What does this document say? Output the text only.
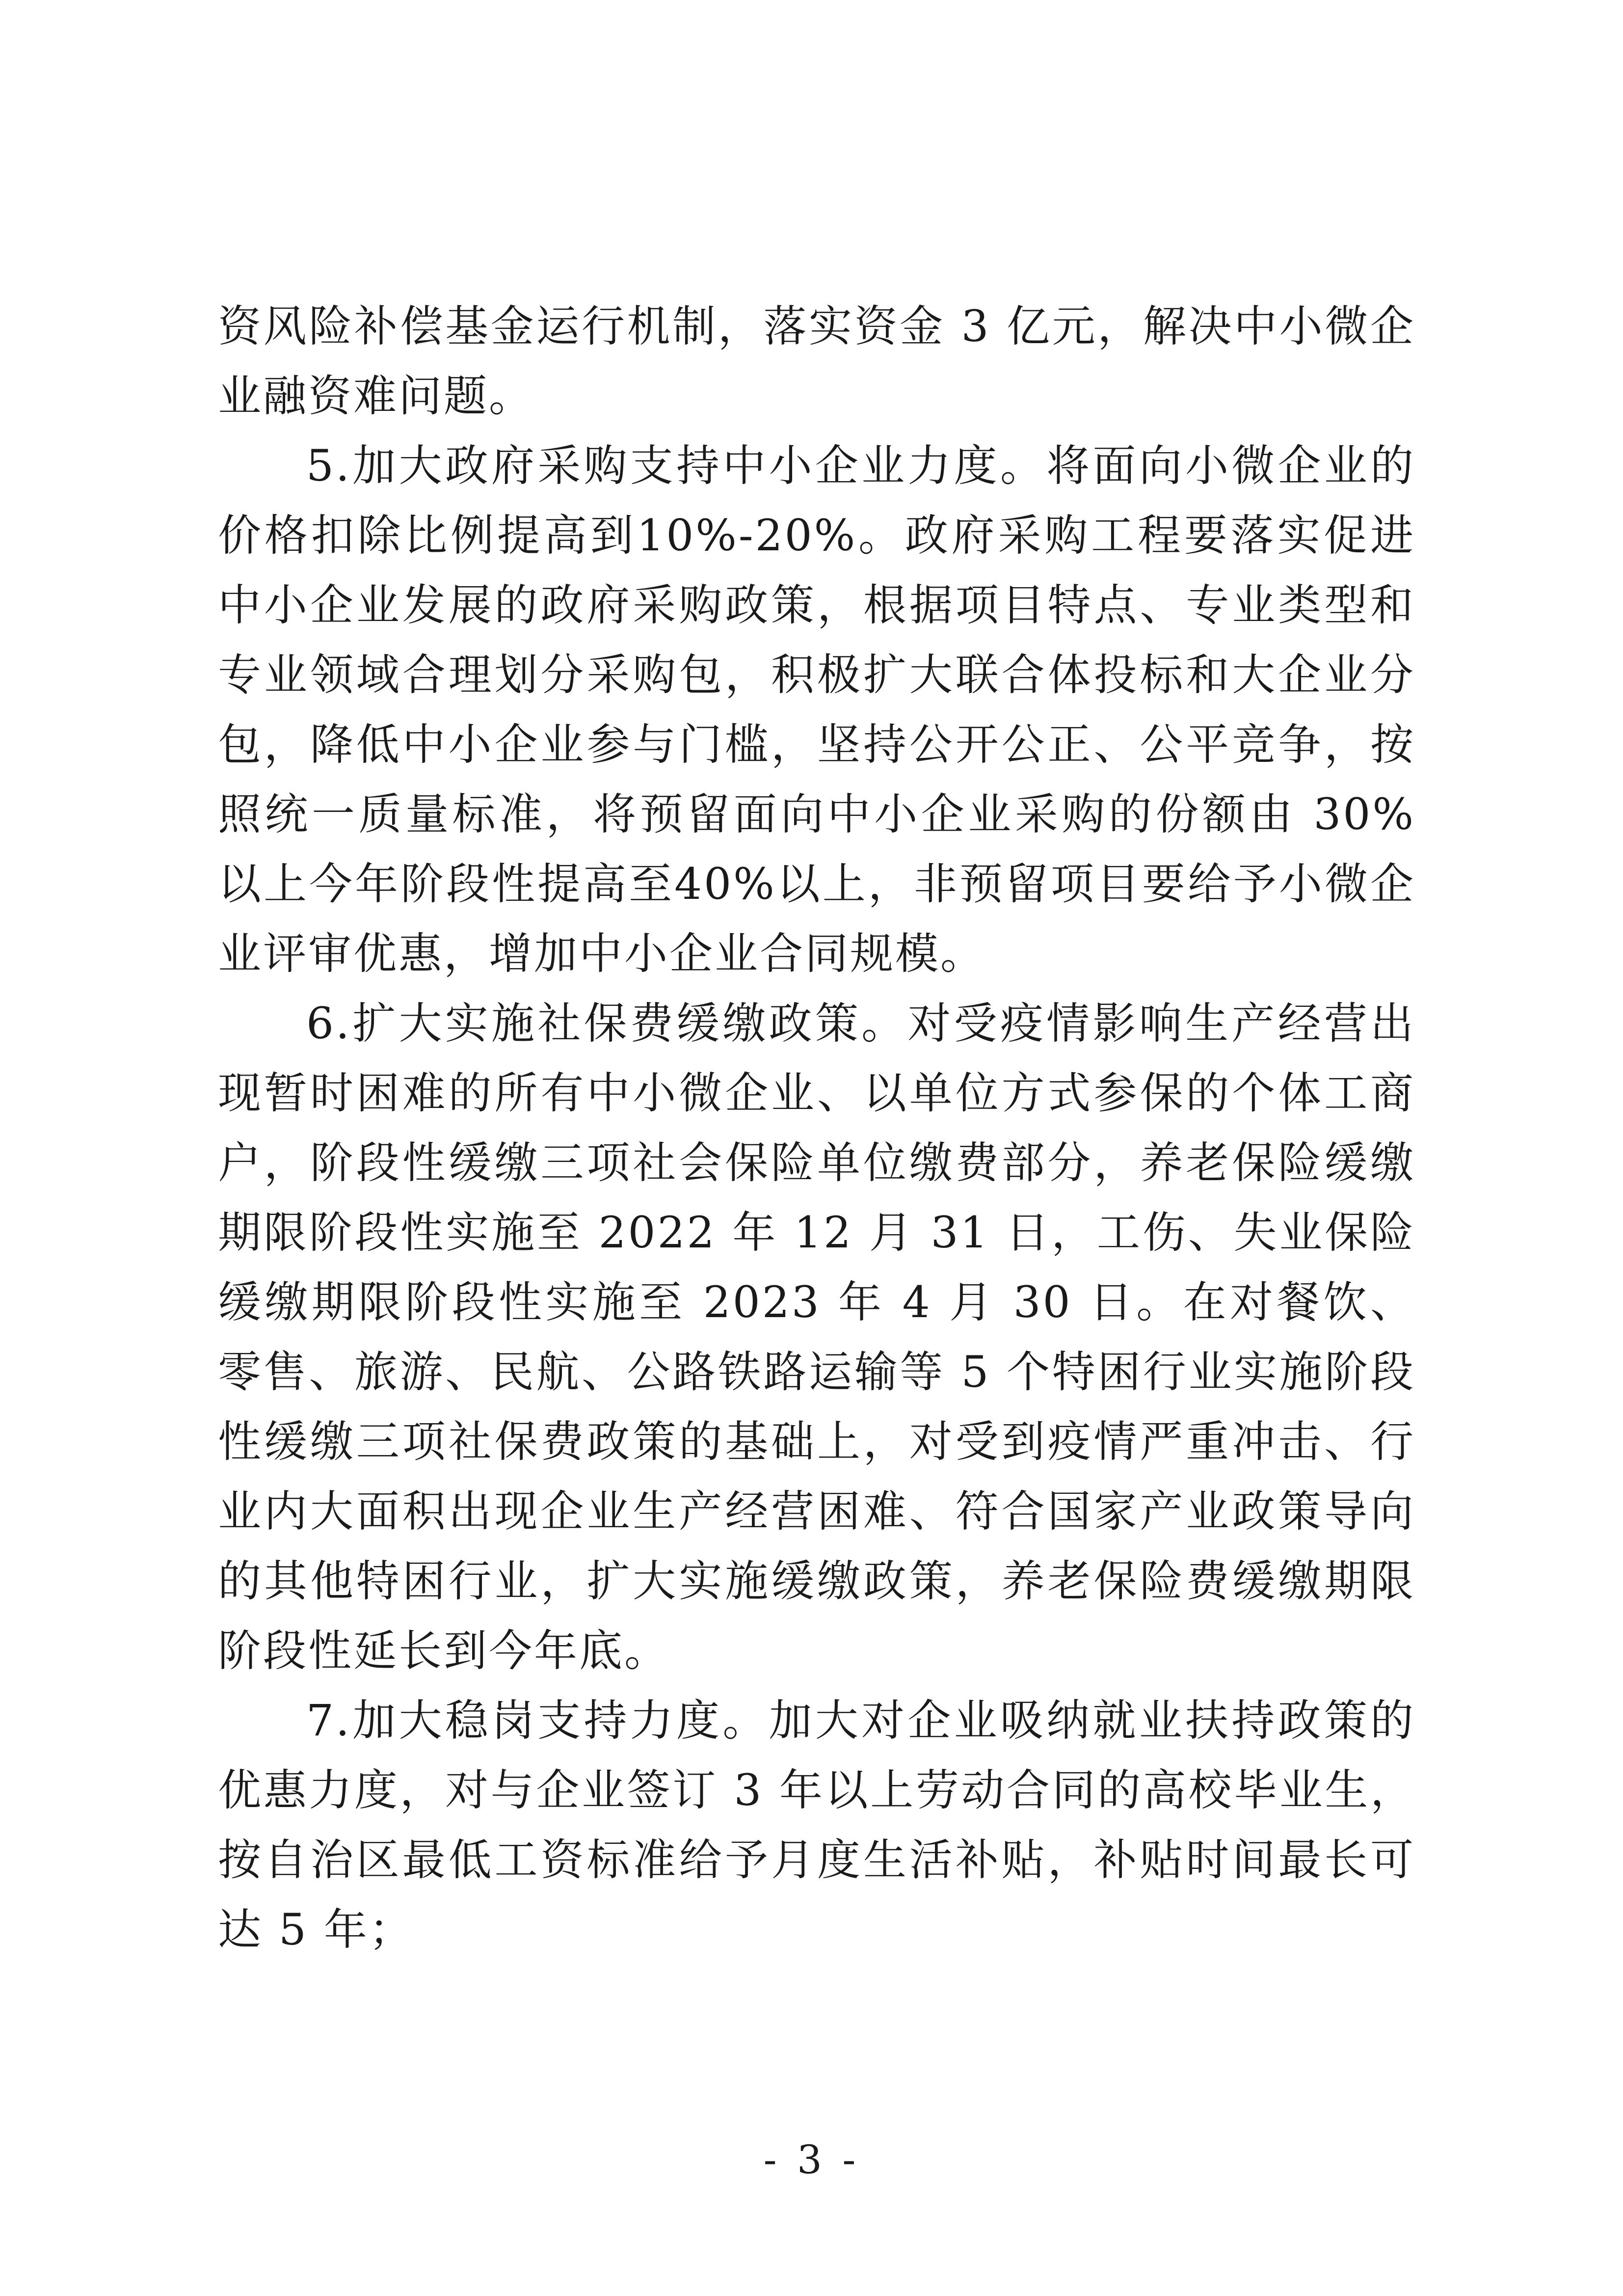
资风险补偿基金运行机制，落实资金 3 亿元，解决中小微企业融资难问题。

5.加大政府采购支持中小企业力度。将面向小微企业的价格扣除比例提高到10%-20%。政府采购工程要落实促进中小企业发展的政府采购政策，根据项目特点、专业类型和专业领域合理划分采购包，积极扩大联合体投标和大企业分包，降低中小企业参与门槛，坚持公开公正、公平竞争，按照统一质量标准，将预留面向中小企业采购的份额由 30%以上今年阶段性提高至40%以上，非预留项目要给予小微企业评审优惠，增加中小企业合同规模。

6.扩大实施社保费缓缴政策。对受疫情影响生产经营出现暂时困难的所有中小微企业、以单位方式参保的个体工商户，阶段性缓缴三项社会保险单位缴费部分，养老保险缓缴期限阶段性实施至 2022 年 12 月 31 日，工伤、失业保险缓缴期限阶段性实施至 2023 年 4 月 30 日。在对餐饮、零售、旅游、民航、公路铁路运输等 5 个特困行业实施阶段性缓缴三项社保费政策的基础上，对受到疫情严重冲击、行业内大面积出现企业生产经营困难、符合国家产业政策导向的其他特困行业，扩大实施缓缴政策，养老保险费缓缴期限阶段性延长到今年底。

7.加大稳岗支持力度。加大对企业吸纳就业扶持政策的优惠力度，对与企业签订 3 年以上劳动合同的高校毕业生，按自治区最低工资标准给予月度生活补贴，补贴时间最长可达 5 年；

- 3 -
